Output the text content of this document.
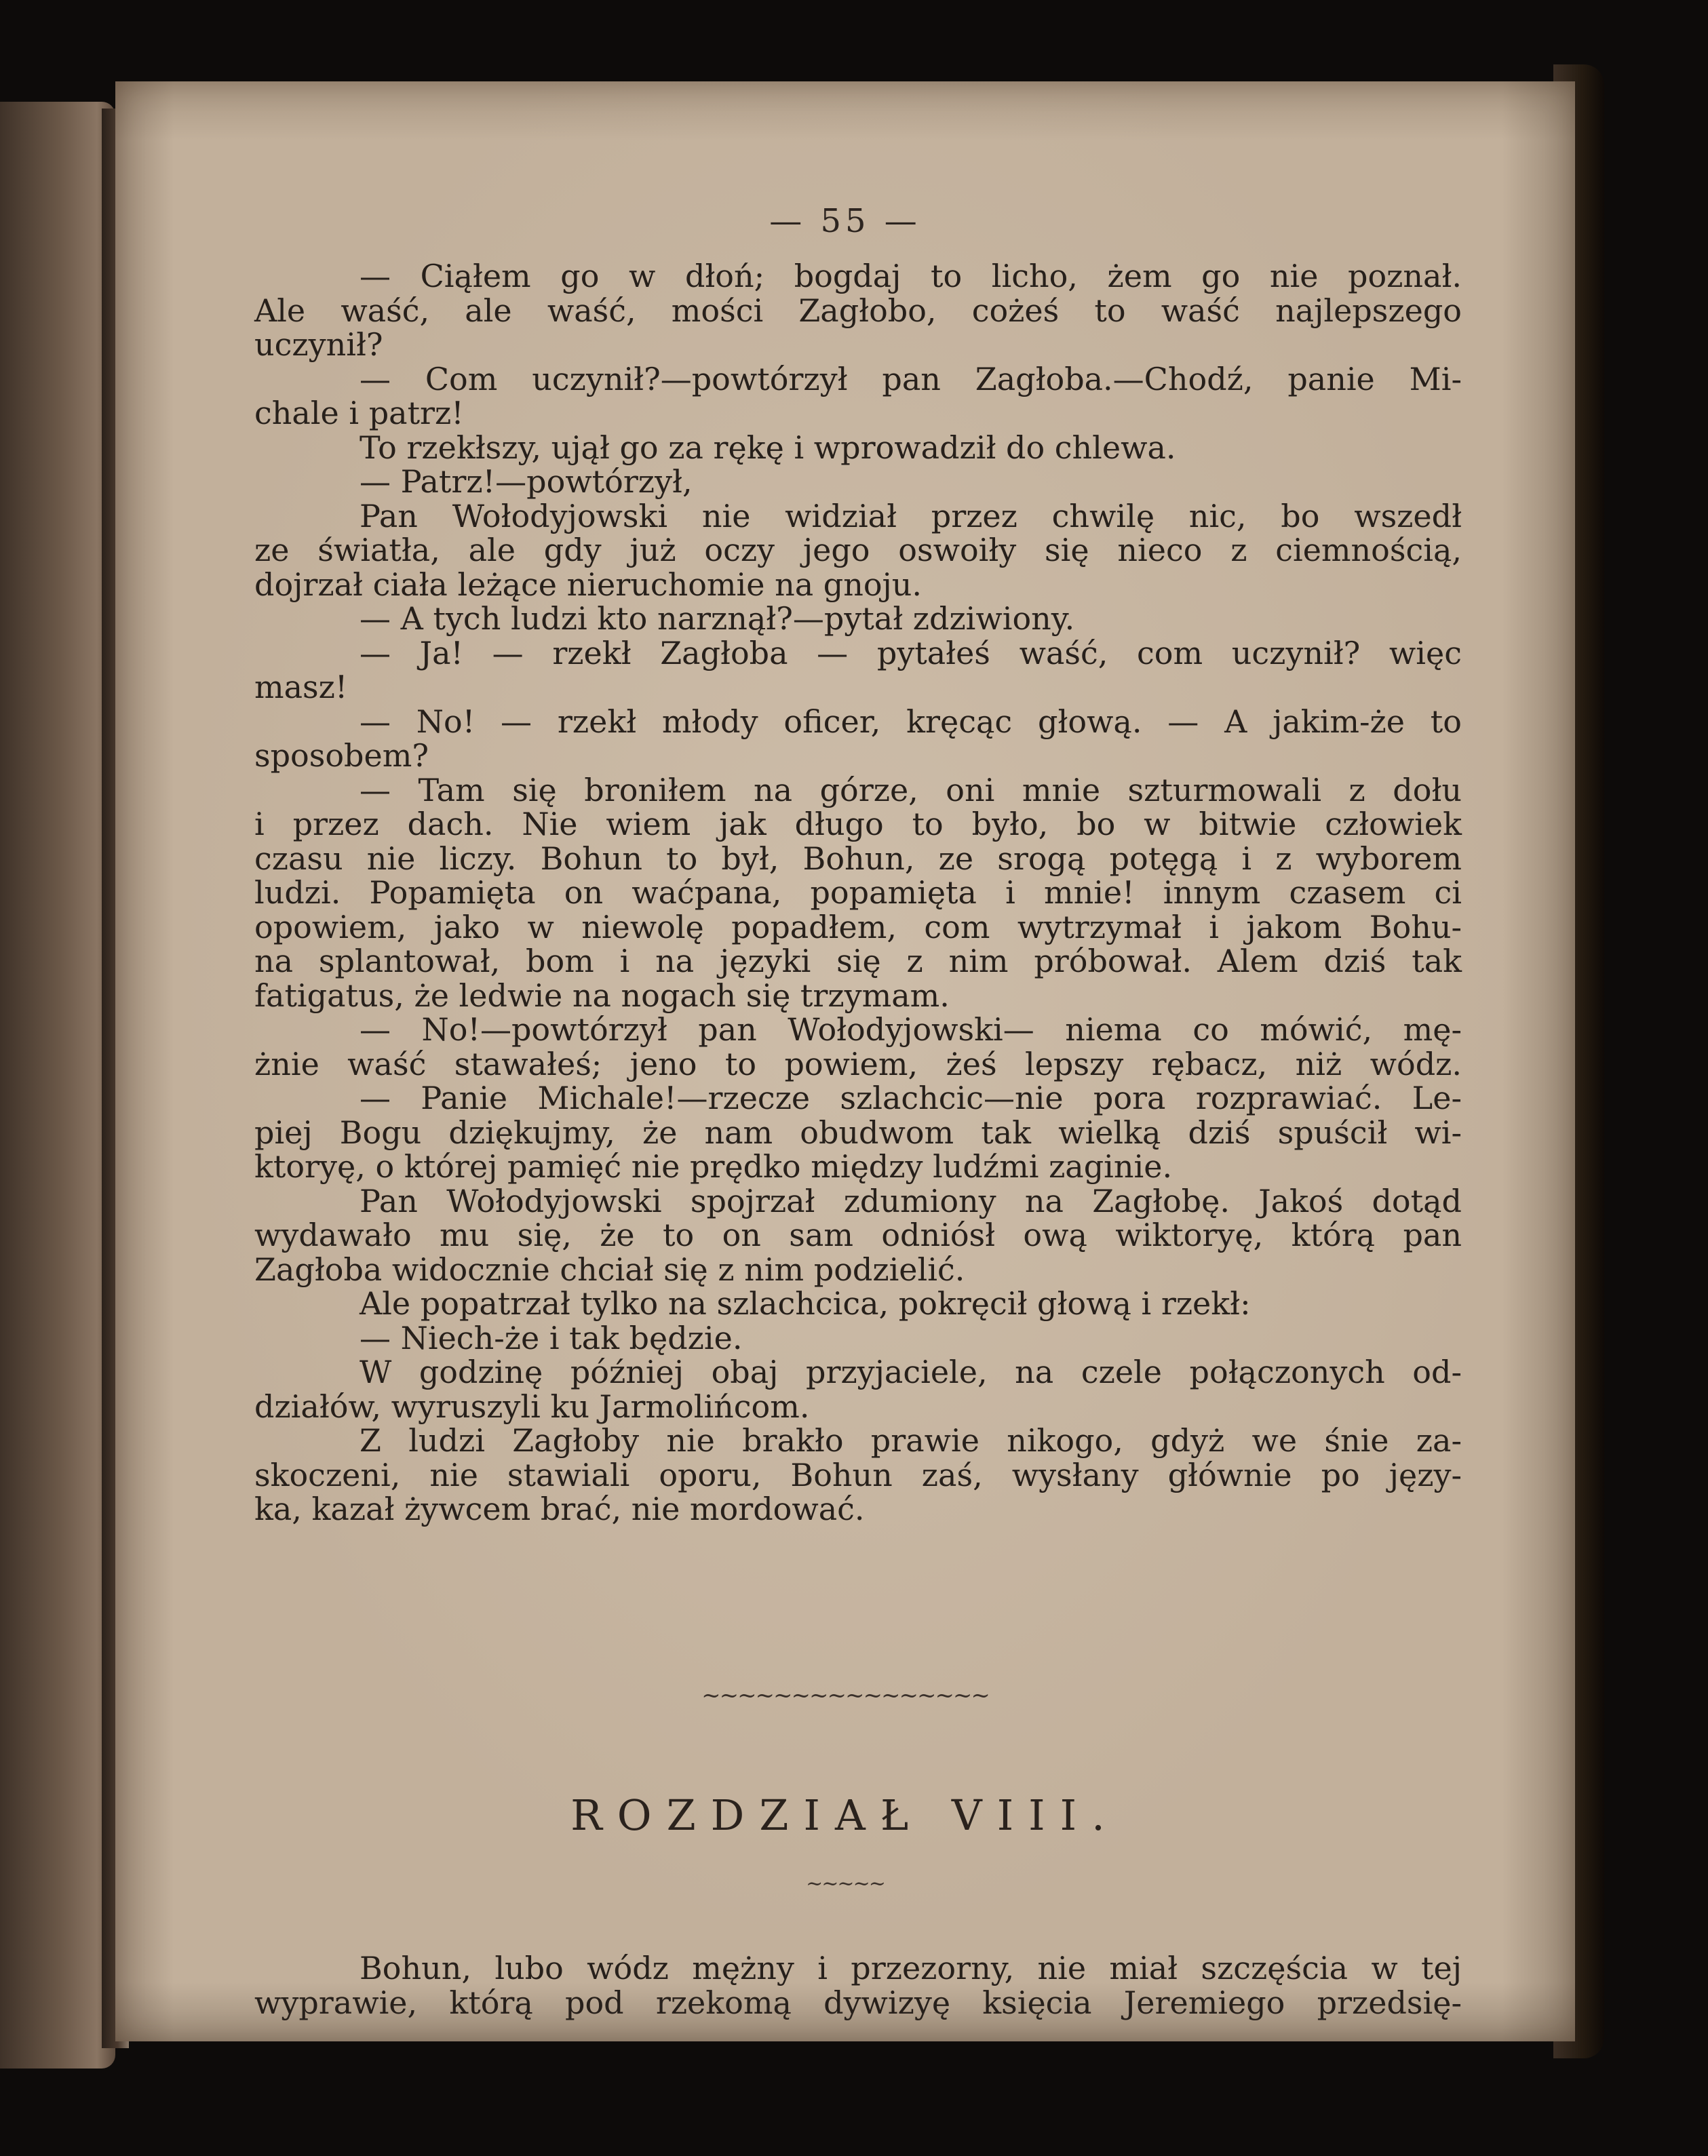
— 55 —
— Ciąłem go w dłoń; bogdaj to licho, żem go nie poznał.
Ale waść, ale waść, mości Zagłobo, cożeś to waść najlepszego
uczynił?
— Com uczynił?—powtórzył pan Zagłoba.—Chodź, panie Mi-
chale i patrz!
To rzekłszy, ujął go za rękę i wprowadził do chlewa.
— Patrz!—powtórzył,
Pan Wołodyjowski nie widział przez chwilę nic, bo wszedł
ze światła, ale gdy już oczy jego oswoiły się nieco z ciemnością,
dojrzał ciała leżące nieruchomie na gnoju.
— A tych ludzi kto narznął?—pytał zdziwiony.
— Ja! — rzekł Zagłoba — pytałeś waść, com uczynił? więc
masz!
— No! — rzekł młody oficer, kręcąc głową. — A jakim-że to
sposobem?
— Tam się broniłem na górze, oni mnie szturmowali z dołu
i przez dach. Nie wiem jak długo to było, bo w bitwie człowiek
czasu nie liczy. Bohun to był, Bohun, ze srogą potęgą i z wyborem
ludzi. Popamięta on waćpana, popamięta i mnie! innym czasem ci
opowiem, jako w niewolę popadłem, com wytrzymał i jakom Bohu-
na splantował, bom i na języki się z nim próbował. Alem dziś tak
fatigatus, że ledwie na nogach się trzymam.
— No!—powtórzył pan Wołodyjowski— niema co mówić, mę-
żnie waść stawałeś; jeno to powiem, żeś lepszy rębacz, niż wódz.
— Panie Michale!—rzecze szlachcic—nie pora rozprawiać. Le-
piej Bogu dziękujmy, że nam obudwom tak wielką dziś spuścił wi-
ktoryę, o której pamięć nie prędko między ludźmi zaginie.
Pan Wołodyjowski spojrzał zdumiony na Zagłobę. Jakoś dotąd
wydawało mu się, że to on sam odniósł ową wiktoryę, którą pan
Zagłoba widocznie chciał się z nim podzielić.
Ale popatrzał tylko na szlachcica, pokręcił głową i rzekł:
— Niech-że i tak będzie.
W godzinę później obaj przyjaciele, na czele połączonych od-
działów, wyruszyli ku Jarmolińcom.
Z ludzi Zagłoby nie brakło prawie nikogo, gdyż we śnie za-
skoczeni, nie stawiali oporu, Bohun zaś, wysłany głównie po języ-
ka, kazał żywcem brać, nie mordować.
~~~~~~~~~~~~~~~~
ROZDZIAŁ VIII.
~~~~~
Bohun, lubo wódz mężny i przezorny, nie miał szczęścia w tej
wyprawie, którą pod rzekomą dywizyę księcia Jeremiego przedsię-
